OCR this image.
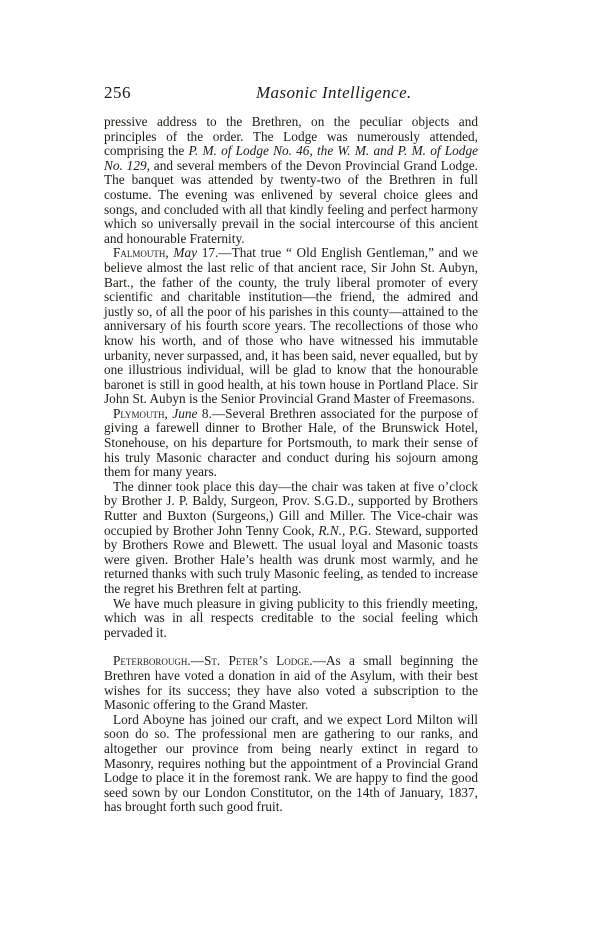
256	Masonic Intelligence.

pressive address to the Brethren, on the peculiar objects and principles of the order. The Lodge was numerously attended, comprising the P. M. of Lodge No. 46, the W. M. and P. M. of Lodge No. 129, and several members of the Devon Provincial Grand Lodge. The banquet was attended by twenty-two of the Brethren in full costume. The evening was enlivened by several choice glees and songs, and concluded with all that kindly feeling and perfect harmony which so universally prevail in the social intercourse of this ancient and honourable Fraternity.

Falmouth, May 17.—That true “ Old English Gentleman,” and we believe almost the last relic of that ancient race, Sir John St. Aubyn, Bart., the father of the county, the truly liberal promoter of every scientific and charitable institution—the friend, the admired and justly so, of all the poor of his parishes in this county—attained to the anniversary of his fourth score years. The recollections of those who know his worth, and of those who have witnessed his immutable urbanity, never surpassed, and, it has been said, never equalled, but by one illustrious individual, will be glad to know that the honourable baronet is still in good health, at his town house in Portland Place. Sir John St. Aubyn is the Senior Provincial Grand Master of Freemasons.

Plymouth, June 8.—Several Brethren associated for the purpose of giving a farewell dinner to Brother Hale, of the Brunswick Hotel, Stonehouse, on his departure for Portsmouth, to mark their sense of his truly Masonic character and conduct during his sojourn among them for many years.

The dinner took place this day—the chair was taken at five o’clock by Brother J. P. Baldy, Surgeon, Prov. S.G.D., supported by Brothers Rutter and Buxton (Surgeons,) Gill and Miller. The Vice-chair was occupied by Brother John Tenny Cook, R.N., P.G. Steward, supported by Brothers Rowe and Blewett. The usual loyal and Masonic toasts were given. Brother Hale’s health was drunk most warmly, and he returned thanks with such truly Masonic feeling, as tended to increase the regret his Brethren felt at parting.

We have much pleasure in giving publicity to this friendly meeting, which was in all respects creditable to the social feeling which pervaded it.

Peterborough.—St. Peter’s Lodge.—As a small beginning the Brethren have voted a donation in aid of the Asylum, with their best wishes for its success; they have also voted a subscription to the Masonic offering to the Grand Master.

Lord Aboyne has joined our craft, and we expect Lord Milton will soon do so. The professional men are gathering to our ranks, and altogether our province from being nearly extinct in regard to Masonry, requires nothing but the appointment of a Provincial Grand Lodge to place it in the foremost rank. We are happy to find the good seed sown by our London Constitutor, on the 14th of January, 1837, has brought forth such good fruit.
